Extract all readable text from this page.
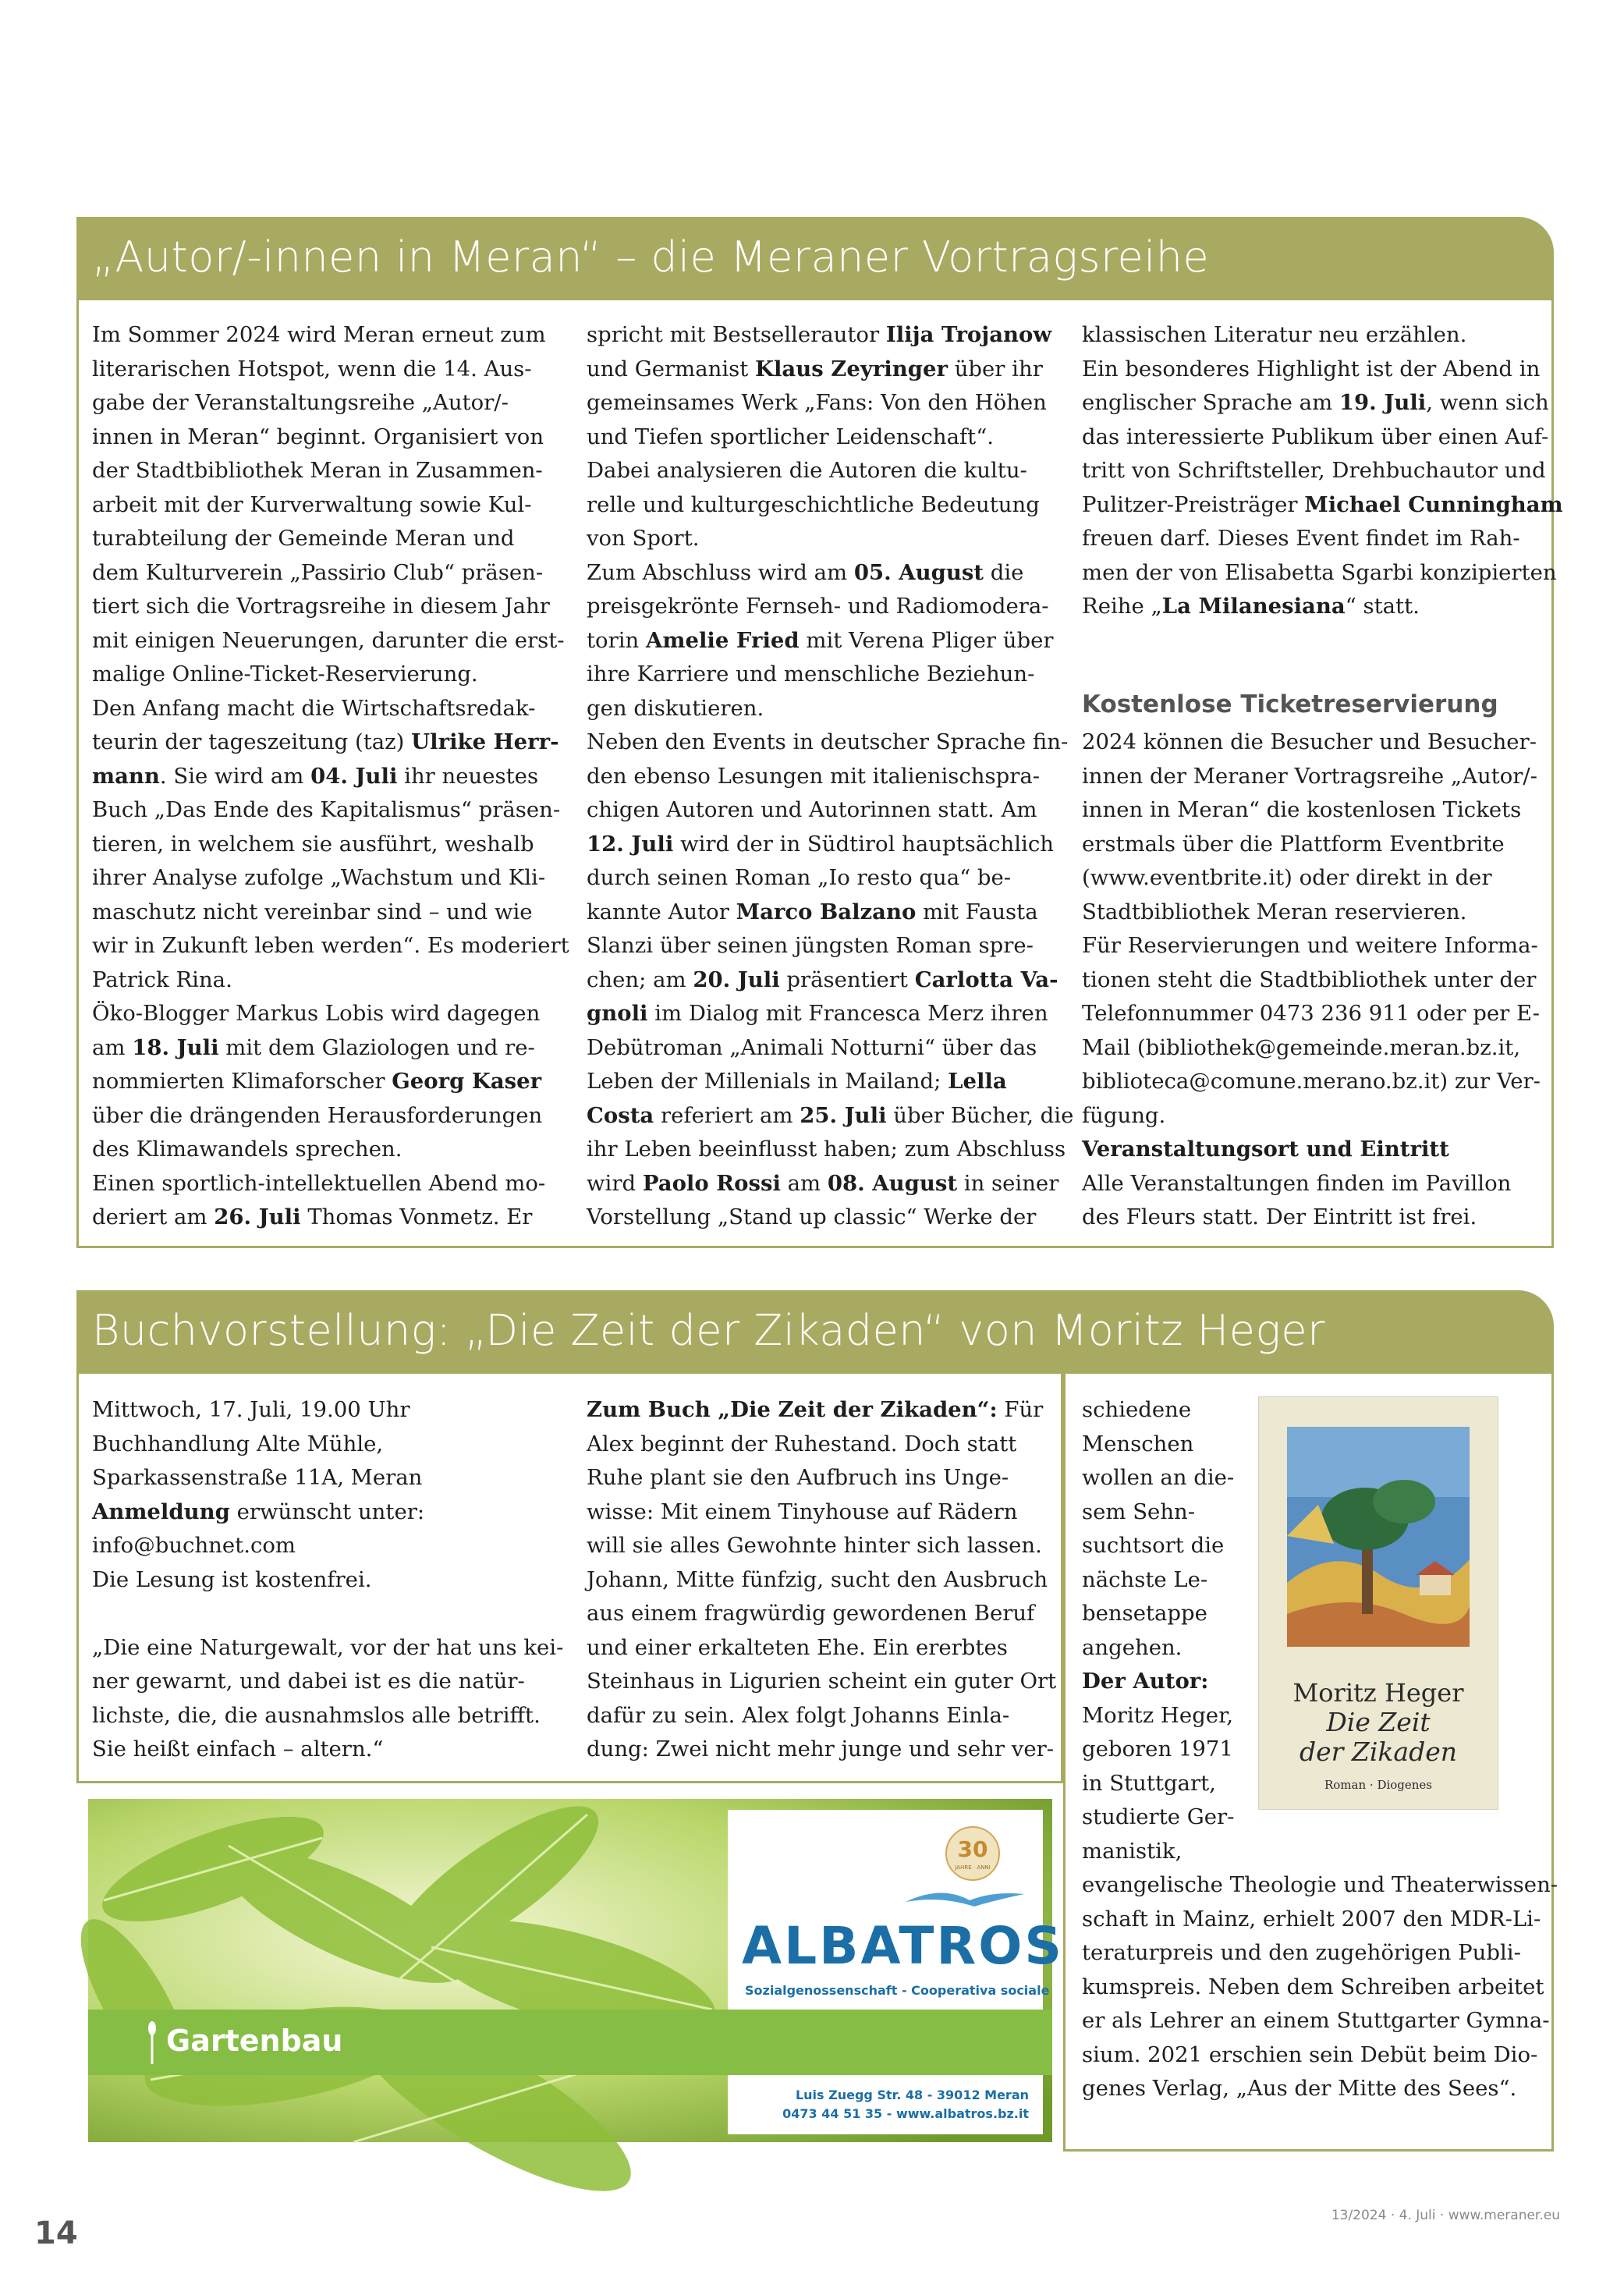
„Autor/-innen in Meran“ – die Meraner Vortragsreihe
Im Sommer 2024 wird Meran erneut zum
literarischen Hotspot, wenn die 14. Aus-
gabe der Veranstaltungsreihe „Autor/-
innen in Meran“ beginnt. Organisiert von
der Stadtbibliothek Meran in Zusammen-
arbeit mit der Kurverwaltung sowie Kul-
turabteilung der Gemeinde Meran und
dem Kulturverein „Passirio Club“ präsen-
tiert sich die Vortragsreihe in diesem Jahr
mit einigen Neuerungen, darunter die erst-
malige Online-Ticket-Reservierung.
Den Anfang macht die Wirtschaftsredak-
teurin der tageszeitung (taz) Ulrike Herr-
mann. Sie wird am 04. Juli ihr neuestes
Buch „Das Ende des Kapitalismus“ präsen-
tieren, in welchem sie ausführt, weshalb
ihrer Analyse zufolge „Wachstum und Kli-
maschutz nicht vereinbar sind – und wie
wir in Zukunft leben werden“. Es moderiert
Patrick Rina.
Öko-Blogger Markus Lobis wird dagegen
am 18. Juli mit dem Glaziologen und re-
nommierten Klimaforscher Georg Kaser
über die drängenden Herausforderungen
des Klimawandels sprechen.
Einen sportlich-intellektuellen Abend mo-
deriert am 26. Juli Thomas Vonmetz. Er
spricht mit Bestsellerautor Ilija Trojanow
und Germanist Klaus Zeyringer über ihr
gemeinsames Werk „Fans: Von den Höhen
und Tiefen sportlicher Leidenschaft“.
Dabei analysieren die Autoren die kultu-
relle und kulturgeschichtliche Bedeutung
von Sport.
Zum Abschluss wird am 05. August die
preisgekrönte Fernseh- und Radiomodera-
torin Amelie Fried mit Verena Pliger über
ihre Karriere und menschliche Beziehun-
gen diskutieren.
Neben den Events in deutscher Sprache fin-
den ebenso Lesungen mit italienischspra-
chigen Autoren und Autorinnen statt. Am
12. Juli wird der in Südtirol hauptsächlich
durch seinen Roman „Io resto qua“ be-
kannte Autor Marco Balzano mit Fausta
Slanzi über seinen jüngsten Roman spre-
chen; am 20. Juli präsentiert Carlotta Va-
gnoli im Dialog mit Francesca Merz ihren
Debütroman „Animali Notturni“ über das
Leben der Millenials in Mailand; Lella
Costa referiert am 25. Juli über Bücher, die
ihr Leben beeinflusst haben; zum Abschluss
wird Paolo Rossi am 08. August in seiner
Vorstellung „Stand up classic“ Werke der
klassischen Literatur neu erzählen.
Ein besonderes Highlight ist der Abend in
englischer Sprache am 19. Juli, wenn sich
das interessierte Publikum über einen Auf-
tritt von Schriftsteller, Drehbuchautor und
Pulitzer-Preisträger Michael Cunningham
freuen darf. Dieses Event findet im Rah-
men der von Elisabetta Sgarbi konzipierten
Reihe „La Milanesiana“ statt.
Kostenlose Ticketreservierung
2024 können die Besucher und Besucher-
innen der Meraner Vortragsreihe „Autor/-
innen in Meran“ die kostenlosen Tickets
erstmals über die Plattform Eventbrite
(www.eventbrite.it) oder direkt in der
Stadtbibliothek Meran reservieren.
Für Reservierungen und weitere Informa-
tionen steht die Stadtbibliothek unter der
Telefonnummer 0473 236 911 oder per E-
Mail (bibliothek@gemeinde.meran.bz.it,
biblioteca@comune.merano.bz.it) zur Ver-
fügung.
Veranstaltungsort und Eintritt
Alle Veranstaltungen finden im Pavillon
des Fleurs statt. Der Eintritt ist frei.
Buchvorstellung: „Die Zeit der Zikaden“ von Moritz Heger
Mittwoch, 17. Juli, 19.00 Uhr
Buchhandlung Alte Mühle,
Sparkassenstraße 11A, Meran
Anmeldung erwünscht unter:
info@buchnet.com
Die Lesung ist kostenfrei.

„Die eine Naturgewalt, vor der hat uns kei-
ner gewarnt, und dabei ist es die natür-
lichste, die, die ausnahmslos alle betrifft.
Sie heißt einfach – altern.“
Zum Buch „Die Zeit der Zikaden“: Für
Alex beginnt der Ruhestand. Doch statt
Ruhe plant sie den Aufbruch ins Unge-
wisse: Mit einem Tinyhouse auf Rädern
will sie alles Gewohnte hinter sich lassen.
Johann, Mitte fünfzig, sucht den Ausbruch
aus einem fragwürdig gewordenen Beruf
und einer erkalteten Ehe. Ein ererbtes
Steinhaus in Ligurien scheint ein guter Ort
dafür zu sein. Alex folgt Johanns Einla-
dung: Zwei nicht mehr junge und sehr ver-
schiedene
Menschen
wollen an die-
sem Sehn-
suchtsort die
nächste Le-
bensetappe
angehen.
Der Autor:
Moritz Heger,
geboren 1971
in Stuttgart,
studierte Ger-
manistik,
evangelische Theologie und Theaterwissen-
schaft in Mainz, erhielt 2007 den MDR-Li-
teraturpreis und den zugehörigen Publi-
kumspreis. Neben dem Schreiben arbeitet
er als Lehrer an einem Stuttgarter Gymna-
sium. 2021 erschien sein Debüt beim Dio-
genes Verlag, „Aus der Mitte des Sees“.
Moritz Heger
Die Zeit
der Zikaden
Roman · Diogenes
Gartenbau
30
JAHRE · ANNI
ALBATROS
Sozialgenossenschaft - Cooperativa sociale
Luis Zuegg Str. 48 - 39012 Meran
0473 44 51 35 - www.albatros.bz.it
14	13/2024 · 4. Juli · www.meraner.eu
